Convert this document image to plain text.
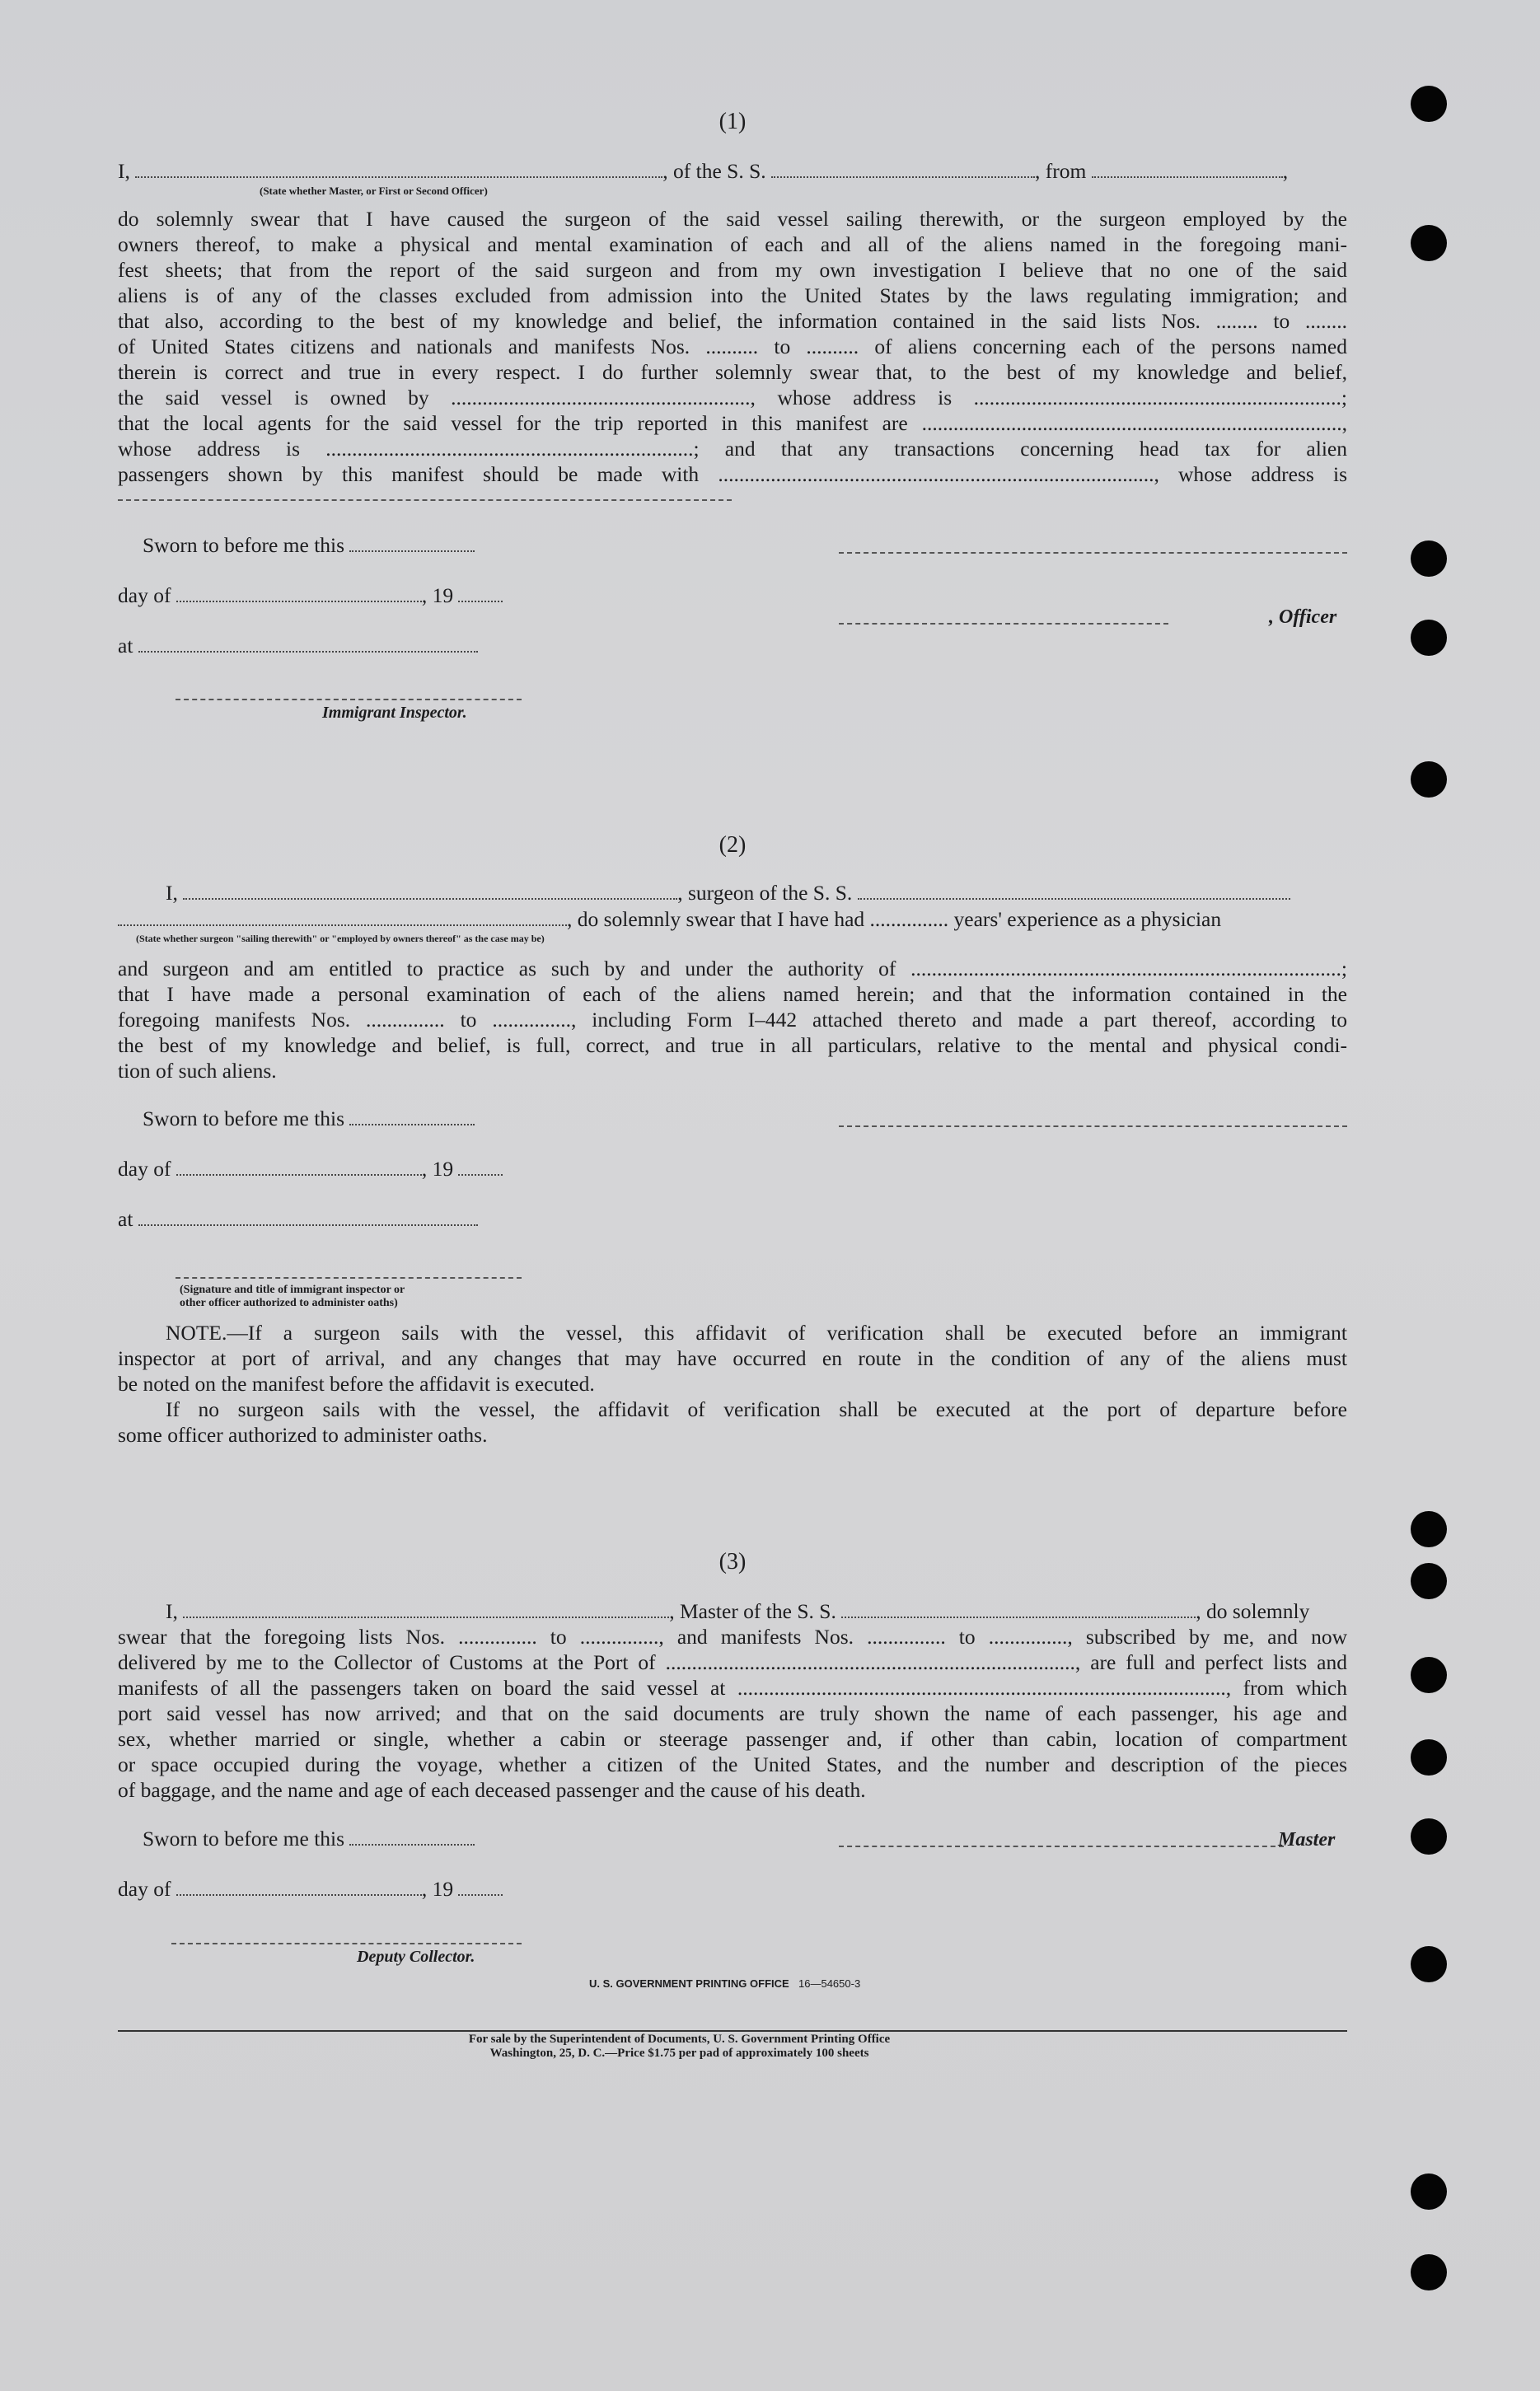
(1)
I,	, of the S. S.	, from	,
(State whether Master, or First or Second Officer)
do solemnly swear that I have caused the surgeon of the said vessel sailing therewith, or the surgeon employed by the
owners thereof, to make a physical and mental examination of each and all of the aliens named in the foregoing mani-
fest sheets; that from the report of the said surgeon and from my own investigation I believe that no one of the said
aliens is of any of the classes excluded from admission into the United States by the laws regulating immigration; and
that also, according to the best of my knowledge and belief, the information contained in the said lists Nos. ........ to ........
of United States citizens and nationals and manifests Nos. .......... to .......... of aliens concerning each of the persons named
therein is correct and true in every respect. I do further solemnly swear that, to the best of my knowledge and belief,
the said vessel is owned by ........................................................., whose address is ......................................................................;
that the local agents for the said vessel for the trip reported in this manifest are ................................................................................,
whose address is ......................................................................; and that any transactions concerning head tax for alien
passengers shown by this manifest should be made with ..................................................................................., whose address is
Sworn to before me this
day of	, 19
, Officer
at
Immigrant Inspector.
(2)
I,	, surgeon of the S. S.
, do solemnly swear that I have had ............... years' experience as a physician
(State whether surgeon "sailing therewith" or "employed by owners thereof" as the case may be)
and surgeon and am entitled to practice as such by and under the authority of ..................................................................................;
that I have made a personal examination of each of the aliens named herein; and that the information contained in the
foregoing manifests Nos. ............... to ..............., including Form I–442 attached thereto and made a part thereof, according to
the best of my knowledge and belief, is full, correct, and true in all particulars, relative to the mental and physical condi-
tion of such aliens.
Sworn to before me this
day of	, 19
at
(Signature and title of immigrant inspector or
other officer authorized to administer oaths)
NOTE.—If a surgeon sails with the vessel, this affidavit of verification shall be executed before an immigrant
inspector at port of arrival, and any changes that may have occurred en route in the condition of any of the aliens must
be noted on the manifest before the affidavit is executed.
If no surgeon sails with the vessel, the affidavit of verification shall be executed at the port of departure before
some officer authorized to administer oaths.
(3)
I,	, Master of the S. S.	, do solemnly
swear that the foregoing lists Nos. ............... to ..............., and manifests Nos. ............... to ..............., subscribed by me, and now
delivered by me to the Collector of Customs at the Port of .............................................................................., are full and perfect lists and
manifests of all the passengers taken on board the said vessel at ............................................................................................., from which
port said vessel has now arrived; and that on the said documents are truly shown the name of each passenger, his age and
sex, whether married or single, whether a cabin or steerage passenger and, if other than cabin, location of compartment
or space occupied during the voyage, whether a citizen of the United States, and the number and description of the pieces
of baggage, and the name and age of each deceased passenger and the cause of his death.
Sworn to before me this	Master
day of	, 19
Deputy Collector.
U. S. GOVERNMENT PRINTING OFFICE 16—54650-3
For sale by the Superintendent of Documents, U. S. Government Printing Office
Washington, 25, D. C.—Price $1.75 per pad of approximately 100 sheets
